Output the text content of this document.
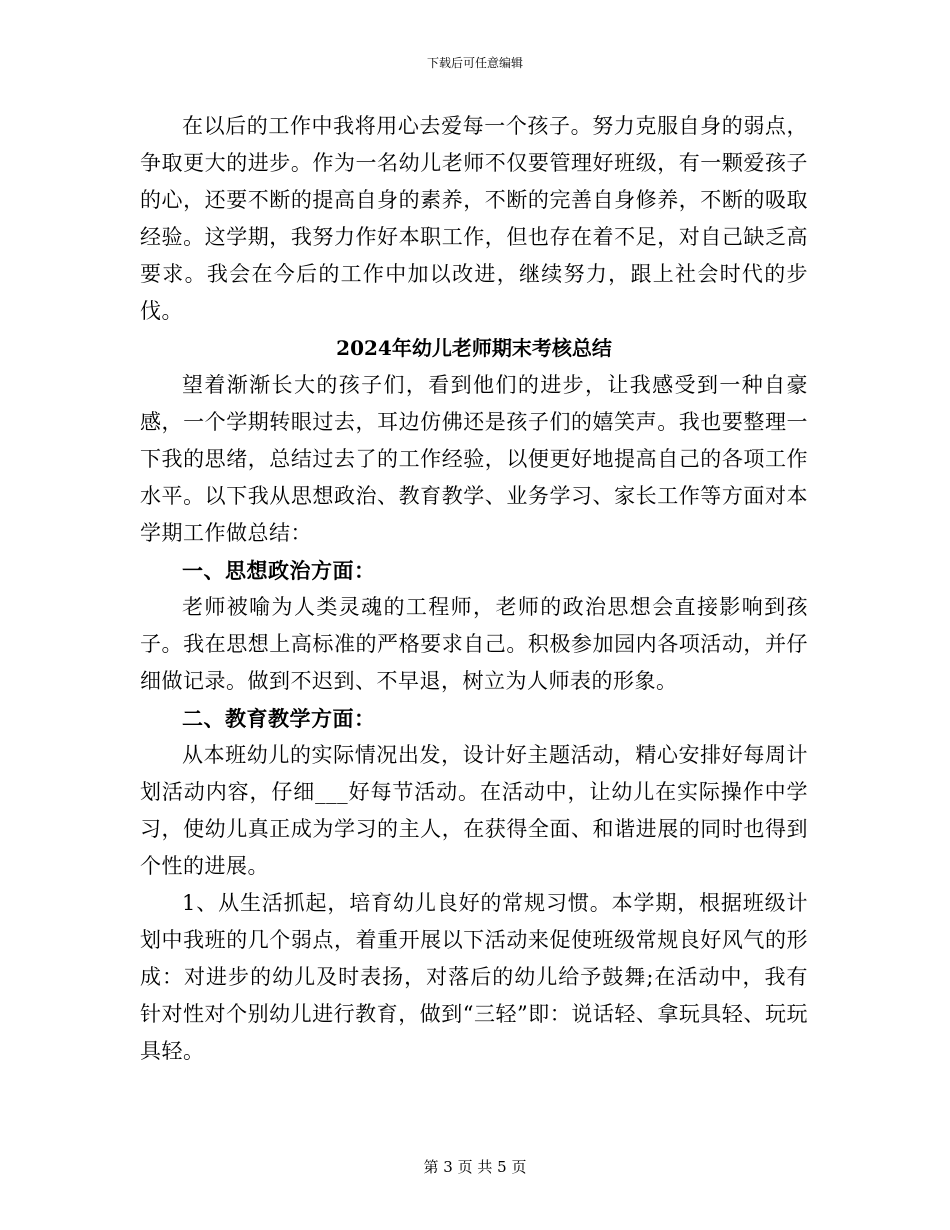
下载后可任意编辑

在以后的工作中我将用心去爱每一个孩子。努力克服自身的弱点，争取更大的进步。作为一名幼儿老师不仅要管理好班级，有一颗爱孩子的心，还要不断的提高自身的素养，不断的完善自身修养，不断的吸取经验。这学期，我努力作好本职工作，但也存在着不足，对自己缺乏高要求。我会在今后的工作中加以改进，继续努力，跟上社会时代的步伐。

2024年幼儿老师期末考核总结

望着渐渐长大的孩子们，看到他们的进步，让我感受到一种自豪感，一个学期转眼过去，耳边仿佛还是孩子们的嬉笑声。我也要整理一下我的思绪，总结过去了的工作经验，以便更好地提高自己的各项工作水平。以下我从思想政治、教育教学、业务学习、家长工作等方面对本学期工作做总结：

一、思想政治方面：

老师被喻为人类灵魂的工程师，老师的政治思想会直接影响到孩子。我在思想上高标准的严格要求自己。积极参加园内各项活动，并仔细做记录。做到不迟到、不早退，树立为人师表的形象。

二、教育教学方面：

从本班幼儿的实际情况出发，设计好主题活动，精心安排好每周计划活动内容，仔细___好每节活动。在活动中，让幼儿在实际操作中学习，使幼儿真正成为学习的主人，在获得全面、和谐进展的同时也得到个性的进展。

1、从生活抓起，培育幼儿良好的常规习惯。本学期，根据班级计划中我班的几个弱点，着重开展以下活动来促使班级常规良好风气的形成：对进步的幼儿及时表扬，对落后的幼儿给予鼓舞;在活动中，我有针对性对个别幼儿进行教育，做到“三轻”即：说话轻、拿玩具轻、玩玩具轻。

第 3 页 共 5 页
